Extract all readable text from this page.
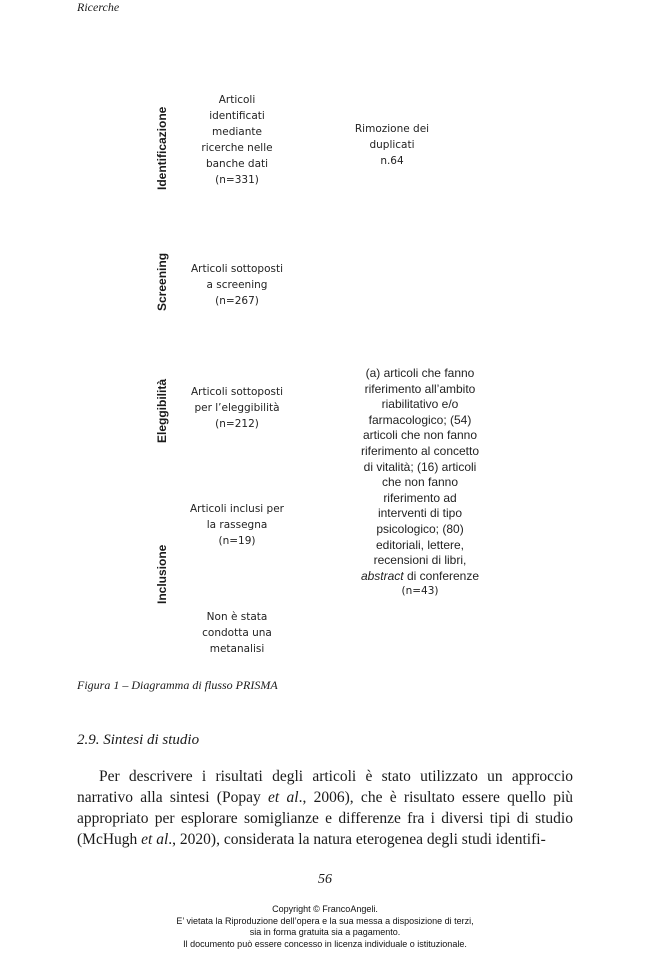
Ricerche
Identificazione
Screening
Eleggibilità
Inclusione
Articoli
identificati
mediante
ricerche nelle
banche dati
(n=331)
Rimozione dei
duplicati
n.64
Articoli sottoposti
a screening
(n=267)
Articoli sottoposti
per l’eleggibilità
(n=212)
Articoli inclusi per
la rassegna
(n=19)
Non è stata
condotta una
metanalisi
(a) articoli che fanno
riferimento all’ambito
riabilitativo e/o
farmacologico; (54)
articoli che non fanno
riferimento al concetto
di vitalità; (16) articoli
che non fanno
riferimento ad
interventi di tipo
psicologico; (80)
editoriali, lettere,
recensioni di libri,
abstract di conferenze
(n=43)
Figura 1 – Diagramma di flusso PRISMA
2.9. Sintesi di studio
Per descrivere i risultati degli articoli è stato utilizzato un approccio narrativo alla sintesi (Popay et al., 2006), che è risultato essere quello più appropriato per esplorare somiglianze e differenze fra i diversi tipi di studio (McHugh et al., 2020), considerata la natura eterogenea degli studi identifi-
56
Copyright © FrancoAngeli.
E’ vietata la Riproduzione dell’opera e la sua messa a disposizione di terzi,
sia in forma gratuita sia a pagamento.
Il documento può essere concesso in licenza individuale o istituzionale.
